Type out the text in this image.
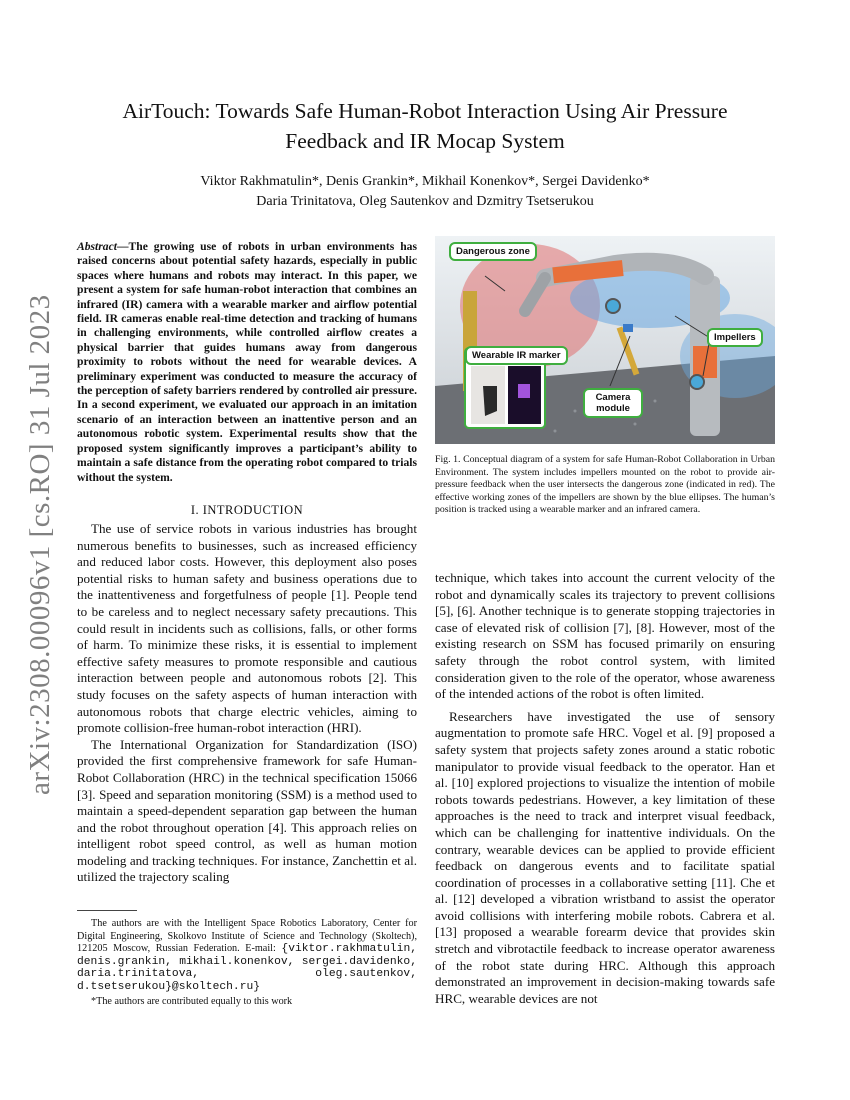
arXiv:2308.00096v1 [cs.RO] 31 Jul 2023
AirTouch: Towards Safe Human-Robot Interaction Using Air Pressure
Feedback and IR Mocap System
Viktor Rakhmatulin*, Denis Grankin*, Mikhail Konenkov*, Sergei Davidenko*
Daria Trinitatova, Oleg Sautenkov and Dzmitry Tsetserukou

Abstract—The growing use of robots in urban environments has raised concerns about potential safety hazards, especially in public spaces where humans and robots may interact. In this paper, we present a system for safe human-robot interaction that combines an infrared (IR) camera with a wearable marker and airflow potential field. IR cameras enable real-time detection and tracking of humans in challenging environments, while controlled airflow creates a physical barrier that guides humans away from dangerous proximity to robots without the need for wearable devices. A preliminary experiment was conducted to measure the accuracy of the perception of safety barriers rendered by controlled air pressure. In a second experiment, we evaluated our approach in an imitation scenario of an interaction between an inattentive person and an autonomous robotic system. Experimental results show that the proposed system significantly improves a participant’s ability to maintain a safe distance from the operating robot compared to trials without the system.

I. INTRODUCTION

The use of service robots in various industries has brought numerous benefits to businesses, such as increased efficiency and reduced labor costs. However, this deployment also poses potential risks to human safety and business operations due to the inattentiveness and forgetfulness of people [1]. People tend to be careless and to neglect necessary safety precautions. This could result in incidents such as collisions, falls, or other forms of harm. To minimize these risks, it is essential to implement effective safety measures to promote responsible and cautious interaction between people and autonomous robots [2]. This study focuses on the safety aspects of human interaction with autonomous robots that charge electric vehicles, aiming to promote collision-free human-robot interaction (HRI).

The International Organization for Standardization (ISO) provided the first comprehensive framework for safe Human-Robot Collaboration (HRC) in the technical specification 15066 [3]. Speed and separation monitoring (SSM) is a method used to maintain a speed-dependent separation gap between the human and the robot throughout operation [4]. This approach relies on intelligent robot speed control, as well as human motion modeling and tracking techniques. For instance, Zanchettin et al. utilized the trajectory scaling

The authors are with the Intelligent Space Robotics Laboratory, Center for Digital Engineering, Skolkovo Institute of Science and Technology (Skoltech), 121205 Moscow, Russian Federation. E-mail: {viktor.rakhmatulin, denis.grankin, mikhail.konenkov, sergei.davidenko, daria.trinitatova, oleg.sautenkov, d.tsetserukou}@skoltech.ru}

*The authors are contributed equally to this work

Dangerous zone
Impellers
Wearable IR marker
Camera module
Fig. 1. Conceptual diagram of a system for safe Human-Robot Collaboration in Urban Environment. The system includes impellers mounted on the robot to provide air-pressure feedback when the user intersects the dangerous zone (indicated in red). The effective working zones of the impellers are shown by the blue ellipses. The human’s position is tracked using a wearable marker and an infrared camera.

technique, which takes into account the current velocity of the robot and dynamically scales its trajectory to prevent collisions [5], [6]. Another technique is to generate stopping trajectories in case of elevated risk of collision [7], [8]. However, most of the existing research on SSM has focused primarily on ensuring safety through the robot control system, with limited consideration given to the role of the operator, whose awareness of the intended actions of the robot is often limited.

Researchers have investigated the use of sensory augmentation to promote safe HRC. Vogel et al. [9] proposed a safety system that projects safety zones around a static robotic manipulator to provide visual feedback to the operator. Han et al. [10] explored projections to visualize the intention of mobile robots towards pedestrians. However, a key limitation of these approaches is the need to track and interpret visual feedback, which can be challenging for inattentive individuals. On the contrary, wearable devices can be applied to provide efficient feedback on dangerous events and to facilitate spatial coordination of processes in a collaborative setting [11]. Che et al. [12] developed a vibration wristband to assist the operator avoid collisions with interfering mobile robots. Cabrera et al. [13] proposed a wearable forearm device that provides skin stretch and vibrotactile feedback to increase operator awareness of the robot state during HRC. Although this approach demonstrated an improvement in decision-making towards safe HRC, wearable devices are not
